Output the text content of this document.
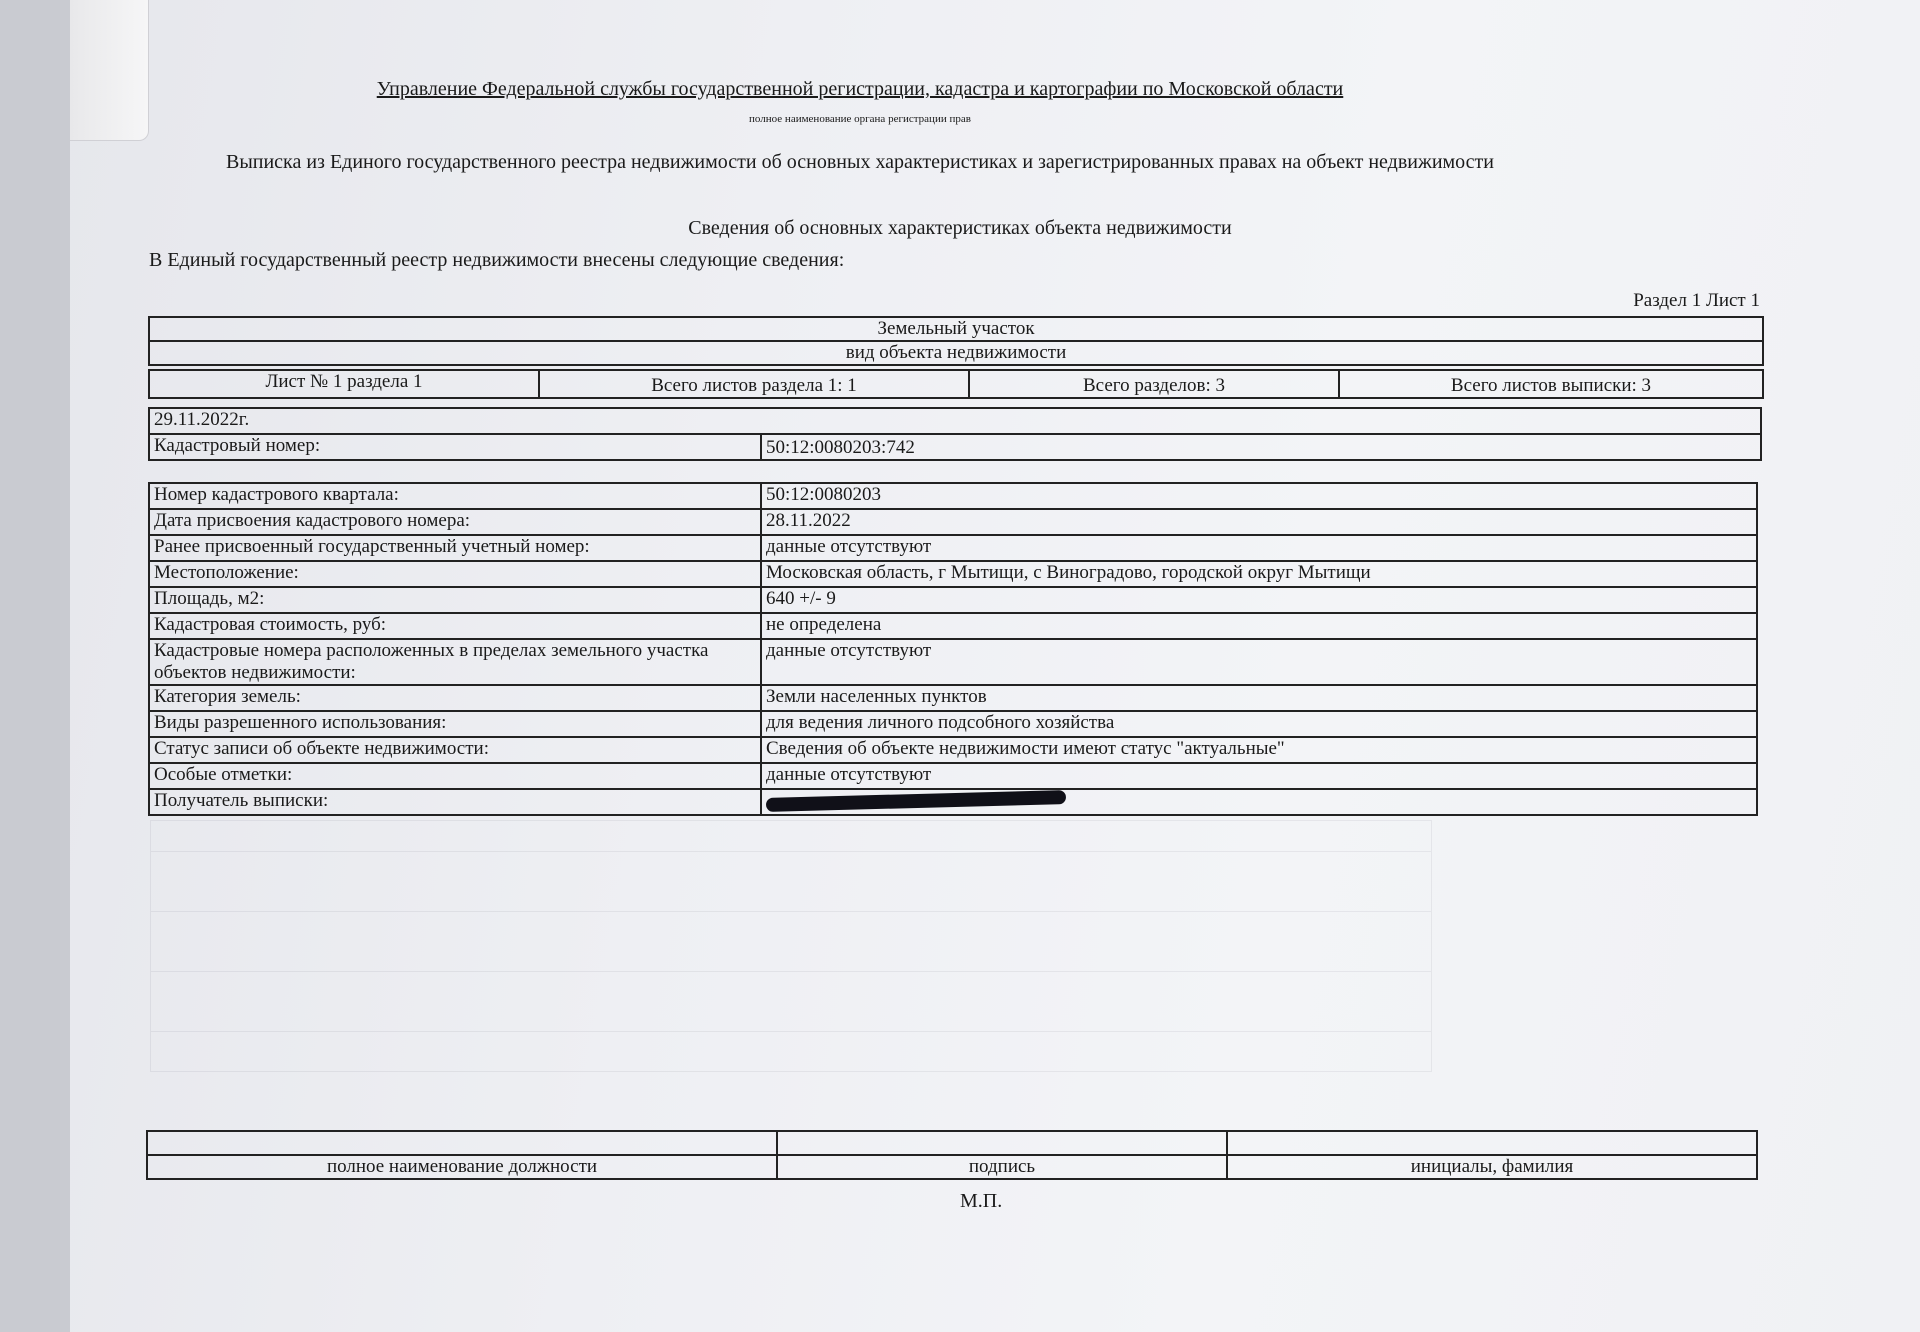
Управление Федеральной службы государственной регистрации, кадастра и картографии по Московской области
полное наименование органа регистрации прав
Выписка из Единого государственного реестра недвижимости об основных характеристиках и зарегистрированных правах на объект недвижимости
Сведения об основных характеристиках объекта недвижимости
В Единый государственный реестр недвижимости внесены следующие сведения:
Раздел 1 Лист 1
Земельный участок
вид объекта недвижимости
Лист № 1 раздела 1	Всего листов раздела 1: 1	Всего разделов: 3	Всего листов выписки: 3
29.11.2022г.
Кадастровый номер:	50:12:0080203:742
Номер кадастрового квартала:	50:12:0080203
Дата присвоения кадастрового номера:	28.11.2022
Ранее присвоенный государственный учетный номер:	данные отсутствуют
Местоположение:	Московская область, г Мытищи, с Виноградово, городской округ Мытищи
Площадь, м2:	640 +/- 9
Кадастровая стоимость, руб:	не определена
Кадастровые номера расположенных в пределах земельного участка объектов недвижимости:	данные отсутствуют
Категория земель:	Земли населенных пунктов
Виды разрешенного использования:	для ведения личного подсобного хозяйства
Статус записи об объекте недвижимости:	Сведения об объекте недвижимости имеют статус "актуальные"
Особые отметки:	данные отсутствуют
Получатель выписки:	

полное наименование должности	подпись	инициалы, фамилия
М.П.
